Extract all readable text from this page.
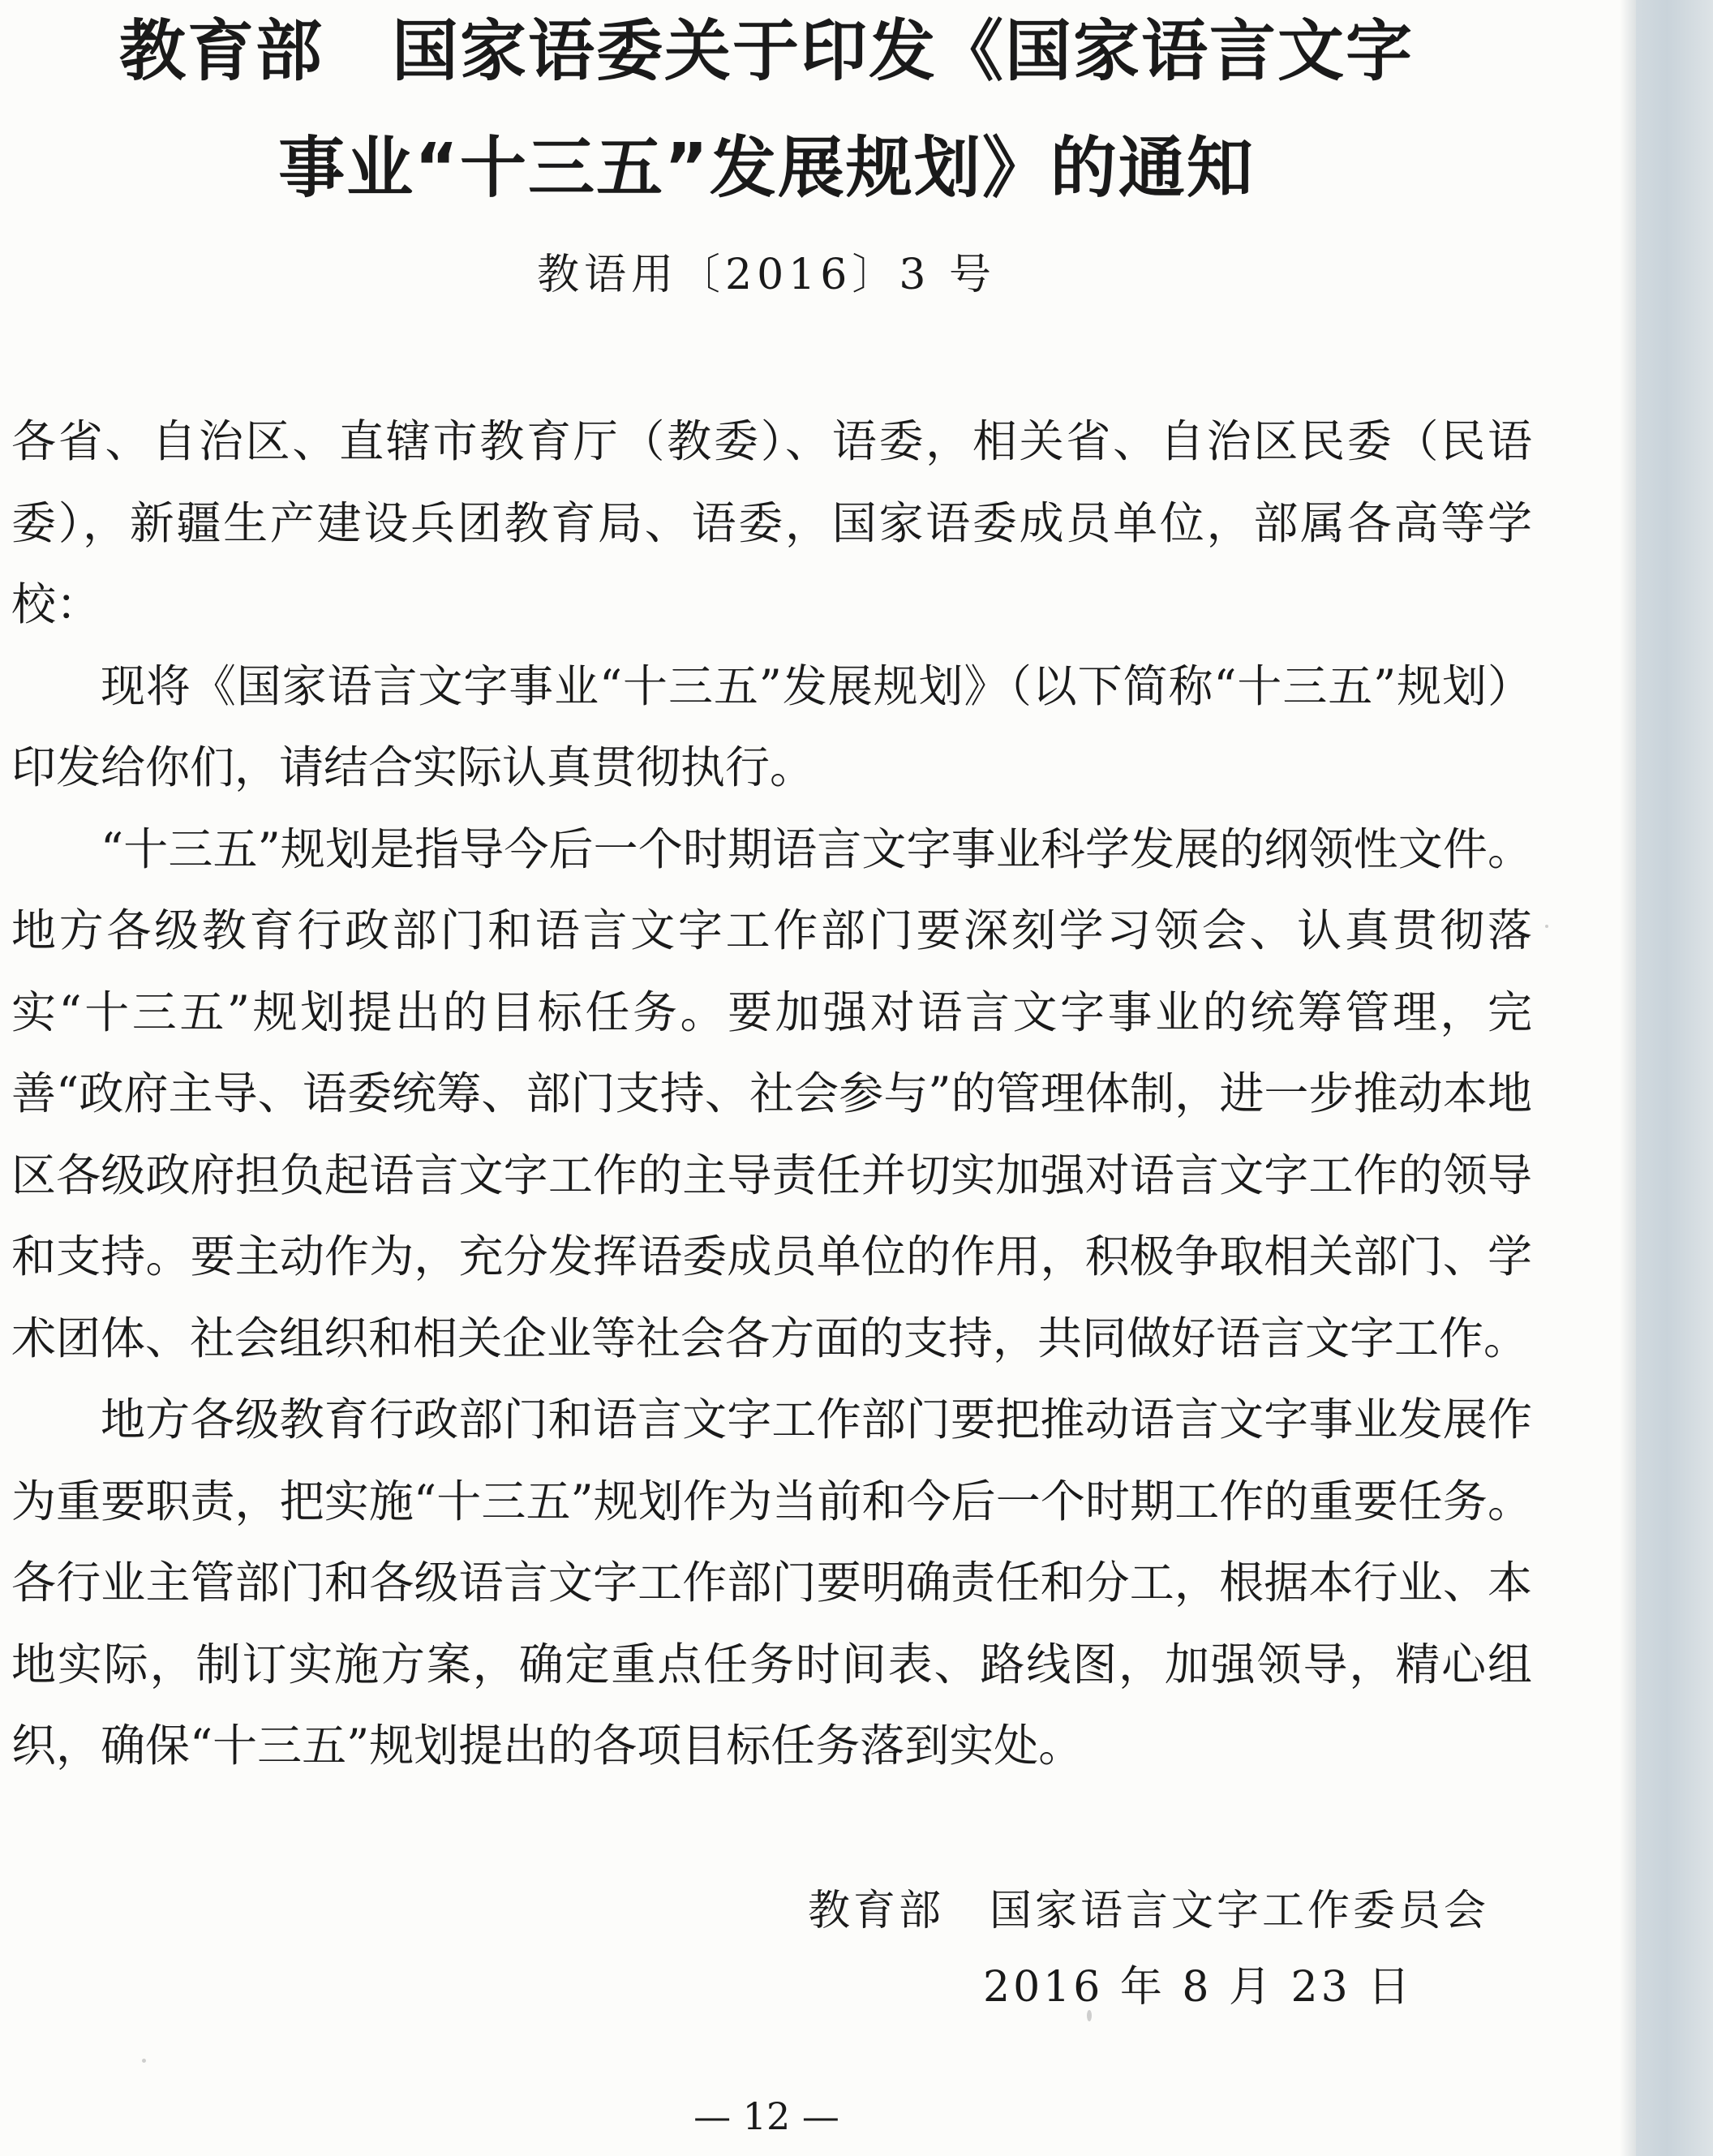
教育部　国家语委关于印发《国家语言文字
事业“十三五”发展规划》的通知

教语用〔2016〕3 号

各省、自治区、直辖市教育厅（教委）、语委，相关省、自治区民委（民语委），新疆生产建设兵团教育局、语委，国家语委成员单位，部属各高等学校：

现将《国家语言文字事业“十三五”发展规划》（以下简称“十三五”规划）印发给你们，请结合实际认真贯彻执行。

“十三五”规划是指导今后一个时期语言文字事业科学发展的纲领性文件。地方各级教育行政部门和语言文字工作部门要深刻学习领会、认真贯彻落实“十三五”规划提出的目标任务。要加强对语言文字事业的统筹管理，完善“政府主导、语委统筹、部门支持、社会参与”的管理体制，进一步推动本地区各级政府担负起语言文字工作的主导责任并切实加强对语言文字工作的领导和支持。要主动作为，充分发挥语委成员单位的作用，积极争取相关部门、学术团体、社会组织和相关企业等社会各方面的支持，共同做好语言文字工作。

地方各级教育行政部门和语言文字工作部门要把推动语言文字事业发展作为重要职责，把实施“十三五”规划作为当前和今后一个时期工作的重要任务。各行业主管部门和各级语言文字工作部门要明确责任和分工，根据本行业、本地实际，制订实施方案，确定重点任务时间表、路线图，加强领导，精心组织，确保“十三五”规划提出的各项目标任务落到实处。

教育部　国家语言文字工作委员会

2016 年 8 月 23 日

— 12 —
